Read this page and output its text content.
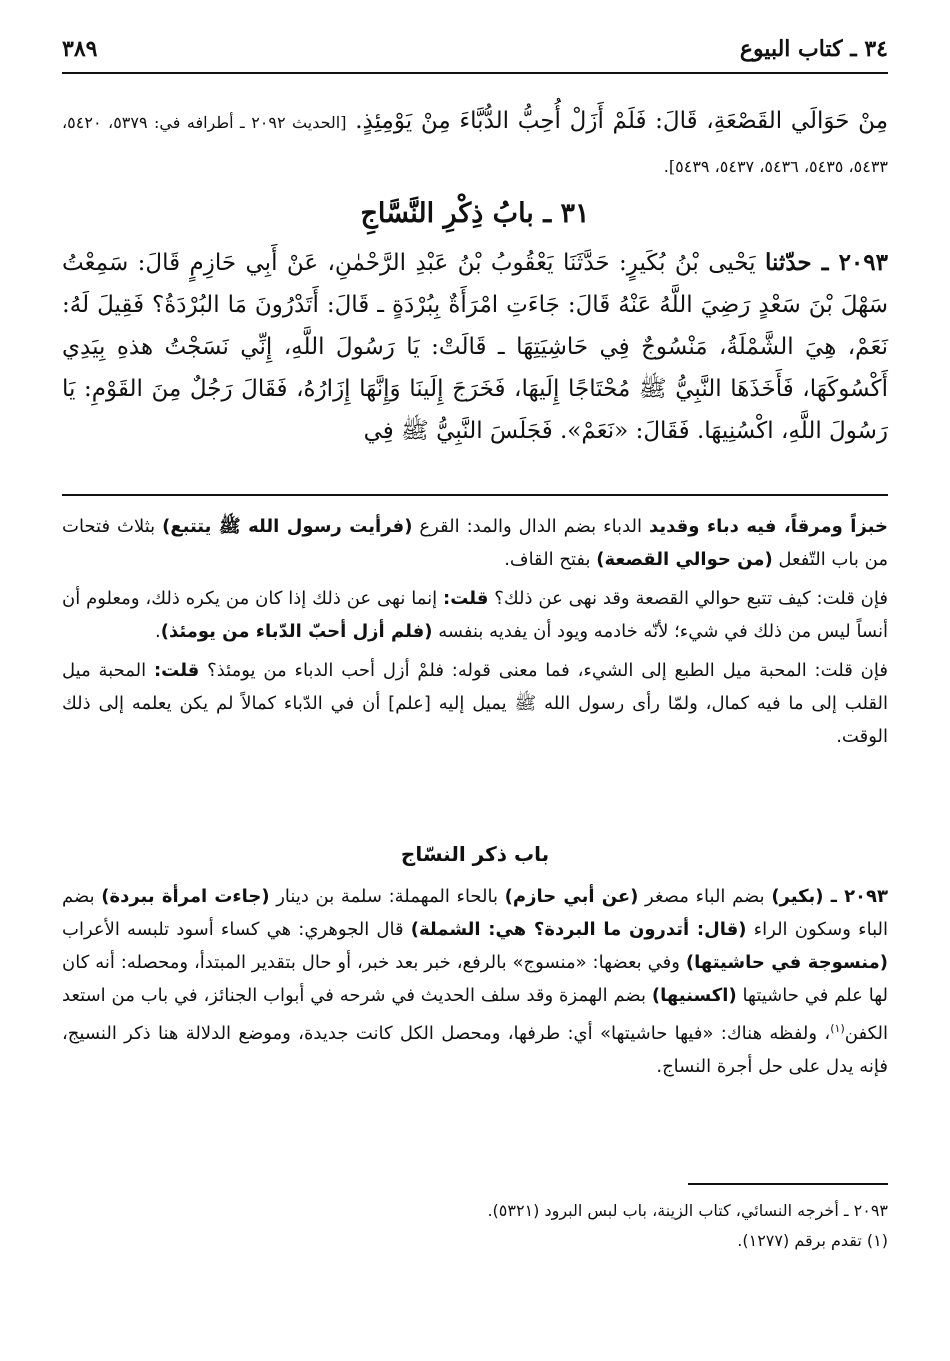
٣٤ ـ كتاب البيوع
٣٨٩
مِنْ حَوَالَي القَصْعَةِ، قَالَ: فَلَمْ أَزَلْ أُحِبُّ الدُّبَّاءَ مِنْ يَوْمِئِذٍ. [الحديث ٢٠٩٢ ـ أطرافه في: ٥٣٧٩، ٥٤٢٠، ٥٤٣٣، ٥٤٣٥، ٥٤٣٦، ٥٤٣٧، ٥٤٣٩].
٣١ ـ بابُ ذِكْرِ النَّسَّاجِ
٢٠٩٣ ـ حدّثنا يَحْيى بْنُ بُكَيرٍ: حَدَّثَنَا يَعْقُوبُ بْنُ عَبْدِ الرَّحْمٰنِ، عَنْ أَبِي حَازِمٍ قَالَ: سَمِعْتُ سَهْلَ بْنَ سَعْدٍ رَضِيَ اللَّهُ عَنْهُ قَالَ: جَاءَتِ امْرَأَةٌ بِبُرْدَةٍ ـ قَالَ: أَتَدْرُونَ مَا البُرْدَةُ؟ فَقِيلَ لَهُ: نَعَمْ، هِيَ الشَّمْلَةُ، مَنْسُوجٌ فِي حَاشِيَتِهَا ـ قَالَتْ: يَا رَسُولَ اللَّهِ، إِنِّي نَسَجْتُ هذهِ بِيَدِي أَكْسُوكَهَا، فَأَخَذَهَا النَّبِيُّ ﷺ مُحْتَاجًا إِلَيهَا، فَخَرَجَ إِلَينَا وَإِنَّهَا إِزَارُهُ، فَقَالَ رَجُلٌ مِنَ القَوْمِ: يَا رَسُولَ اللَّهِ، اكْسُنِيهَا. فَقَالَ: «نَعَمْ». فَجَلَسَ النَّبِيُّ ﷺ فِي

خبزاً ومرقاً، فيه دباء وقديد الدباء بضم الدال والمد: القرع (فرأيت رسول الله ﷺ يتتبع) بثلاث فتحات من باب التّفعل (من حوالي القصعة) بفتح القاف.

فإن قلت: كيف تتبع حوالي القصعة وقد نهى عن ذلك؟ قلت: إنما نهى عن ذلك إذا كان من يكره ذلك، ومعلوم أن أنساً ليس من ذلك في شيء؛ لأنّه خادمه ويود أن يفديه بنفسه (فلم أزل أحبّ الدّباء من يومئذ).

فإن قلت: المحبة ميل الطبع إلى الشيء، فما معنى قوله: فلمْ أزل أحب الدباء من يومئذ؟ قلت: المحبة ميل القلب إلى ما فيه كمال، ولمّا رأى رسول الله ﷺ يميل إليه [علم] أن في الدّباء كمالاً لم يكن يعلمه إلى ذلك الوقت.

باب ذكر النسّاج

٢٠٩٣ ـ (بكير) بضم الباء مصغر (عن أبي حازم) بالحاء المهملة: سلمة بن دينار (جاءت امرأة ببردة) بضم الباء وسكون الراء (قال: أتدرون ما البردة؟ هي: الشملة) قال الجوهري: هي كساء أسود تلبسه الأعراب (منسوجة في حاشيتها) وفي بعضها: «منسوج» بالرفع، خبر بعد خبر، أو حال بتقدير المبتدأ، ومحصله: أنه كان لها علم في حاشيتها (اكسنيها) بضم الهمزة وقد سلف الحديث في شرحه في أبواب الجنائز، في باب من استعد الكفن$^{(١)}$، ولفظه هناك: «فيها حاشيتها» أي: طرفها، ومحصل الكل كانت جديدة، وموضع الدلالة هنا ذكر النسيج، فإنه يدل على حل أجرة النساج.

٢٠٩٣ ـ أخرجه النسائي، كتاب الزينة، باب لبس البرود (٥٣٢١).
(١) تقدم برقم (١٢٧٧).
